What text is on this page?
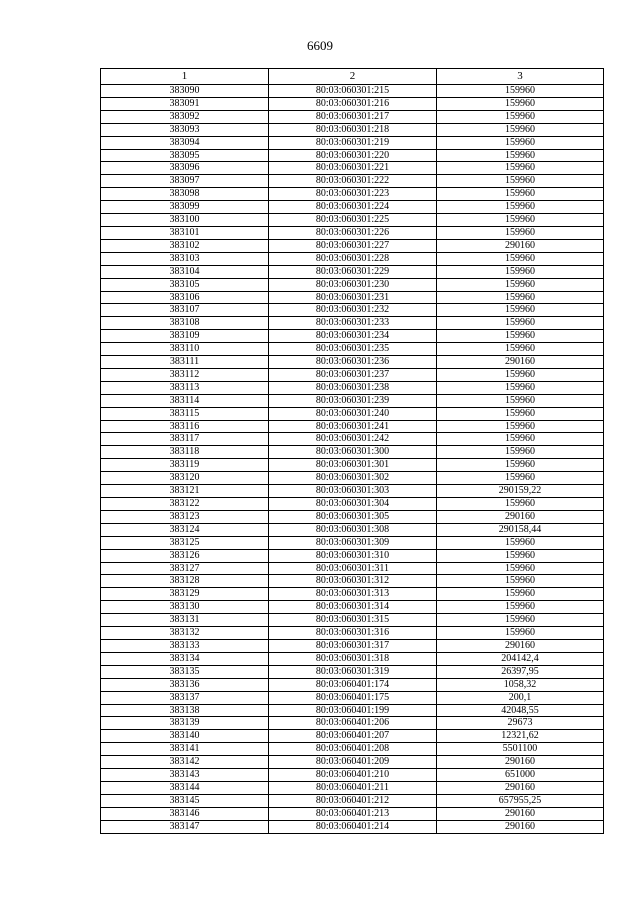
6609
1	2	3
383090	80:03:060301:215	159960
383091	80:03:060301:216	159960
383092	80:03:060301:217	159960
383093	80:03:060301:218	159960
383094	80:03:060301:219	159960
383095	80:03:060301:220	159960
383096	80:03:060301:221	159960
383097	80:03:060301:222	159960
383098	80:03:060301:223	159960
383099	80:03:060301:224	159960
383100	80:03:060301:225	159960
383101	80:03:060301:226	159960
383102	80:03:060301:227	290160
383103	80:03:060301:228	159960
383104	80:03:060301:229	159960
383105	80:03:060301:230	159960
383106	80:03:060301:231	159960
383107	80:03:060301:232	159960
383108	80:03:060301:233	159960
383109	80:03:060301:234	159960
383110	80:03:060301:235	159960
383111	80:03:060301:236	290160
383112	80:03:060301:237	159960
383113	80:03:060301:238	159960
383114	80:03:060301:239	159960
383115	80:03:060301:240	159960
383116	80:03:060301:241	159960
383117	80:03:060301:242	159960
383118	80:03:060301:300	159960
383119	80:03:060301:301	159960
383120	80:03:060301:302	159960
383121	80:03:060301:303	290159,22
383122	80:03:060301:304	159960
383123	80:03:060301:305	290160
383124	80:03:060301:308	290158,44
383125	80:03:060301:309	159960
383126	80:03:060301:310	159960
383127	80:03:060301:311	159960
383128	80:03:060301:312	159960
383129	80:03:060301:313	159960
383130	80:03:060301:314	159960
383131	80:03:060301:315	159960
383132	80:03:060301:316	159960
383133	80:03:060301:317	290160
383134	80:03:060301:318	204142,4
383135	80:03:060301:319	26397,95
383136	80:03:060401:174	1058,32
383137	80:03:060401:175	200,1
383138	80:03:060401:199	42048,55
383139	80:03:060401:206	29673
383140	80:03:060401:207	12321,62
383141	80:03:060401:208	5501100
383142	80:03:060401:209	290160
383143	80:03:060401:210	651000
383144	80:03:060401:211	290160
383145	80:03:060401:212	657955,25
383146	80:03:060401:213	290160
383147	80:03:060401:214	290160
